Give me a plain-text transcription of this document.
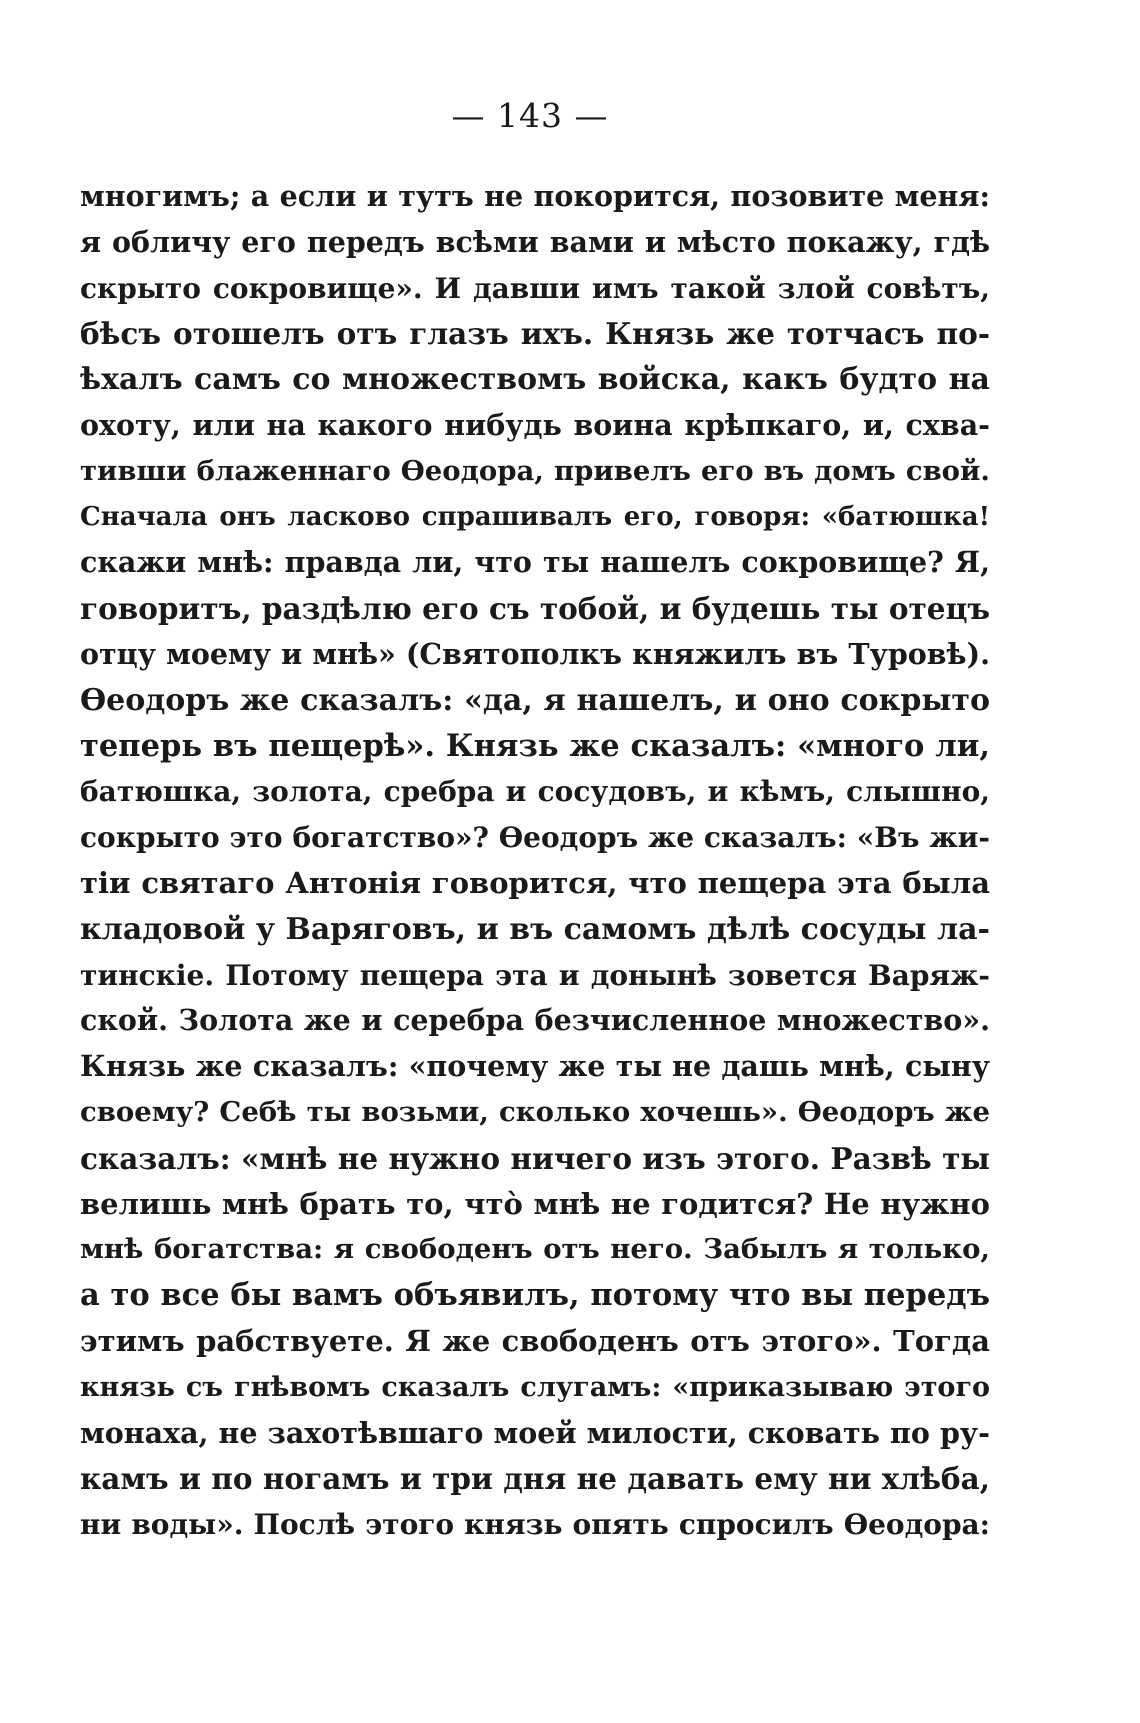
— 143 —
многимъ; а если и тутъ не покорится, позовите меня:
я обличу его передъ всѣми вами и мѣсто покажу, гдѣ
скрыто сокровище». И давши имъ такой злой совѣтъ,
бѣсъ отошелъ отъ глазъ ихъ. Князь же тотчасъ по-
ѣхалъ самъ со множествомъ войска, какъ будто на
охоту, или на какого нибудь воина крѣпкаго, и, схва-
тивши блаженнаго Ѳеодора, привелъ его въ домъ свой.
Сначала онъ ласково спрашивалъ его, говоря: «батюшка!
скажи мнѣ: правда ли, что ты нашелъ сокровище? Я,
говоритъ, раздѣлю его съ тобой, и будешь ты отецъ
отцу моему и мнѣ» (Святополкъ княжилъ въ Туровѣ).
Ѳеодоръ же сказалъ: «да, я нашелъ, и оно сокрыто
теперь въ пещерѣ». Князь же сказалъ: «много ли,
батюшка, золота, сребра и сосудовъ, и кѣмъ, слышно,
сокрыто это богатство»? Ѳеодоръ же сказалъ: «Въ жи-
тіи святаго Антонія говорится, что пещера эта была
кладовой у Варяговъ, и въ самомъ дѣлѣ сосуды ла-
тинскіе. Потому пещера эта и донынѣ зовется Варяж-
ской. Золота же и серебра безчисленное множество».
Князь же сказалъ: «почему же ты не дашь мнѣ, сыну
своему? Себѣ ты возьми, сколько хочешь». Ѳеодоръ же
сказалъ: «мнѣ не нужно ничего изъ этого. Развѣ ты
велишь мнѣ брать то, что̀ мнѣ не годится? Не нужно
мнѣ богатства: я свободенъ отъ него. Забылъ я только,
а то все бы вамъ объявилъ, потому что вы передъ
этимъ рабствуете. Я же свободенъ отъ этого». Тогда
князь съ гнѣвомъ сказалъ слугамъ: «приказываю этого
монаха, не захотѣвшаго моей милости, сковать по ру-
камъ и по ногамъ и три дня не давать ему ни хлѣба,
ни воды». Послѣ этого князь опять спросилъ Ѳеодора:
